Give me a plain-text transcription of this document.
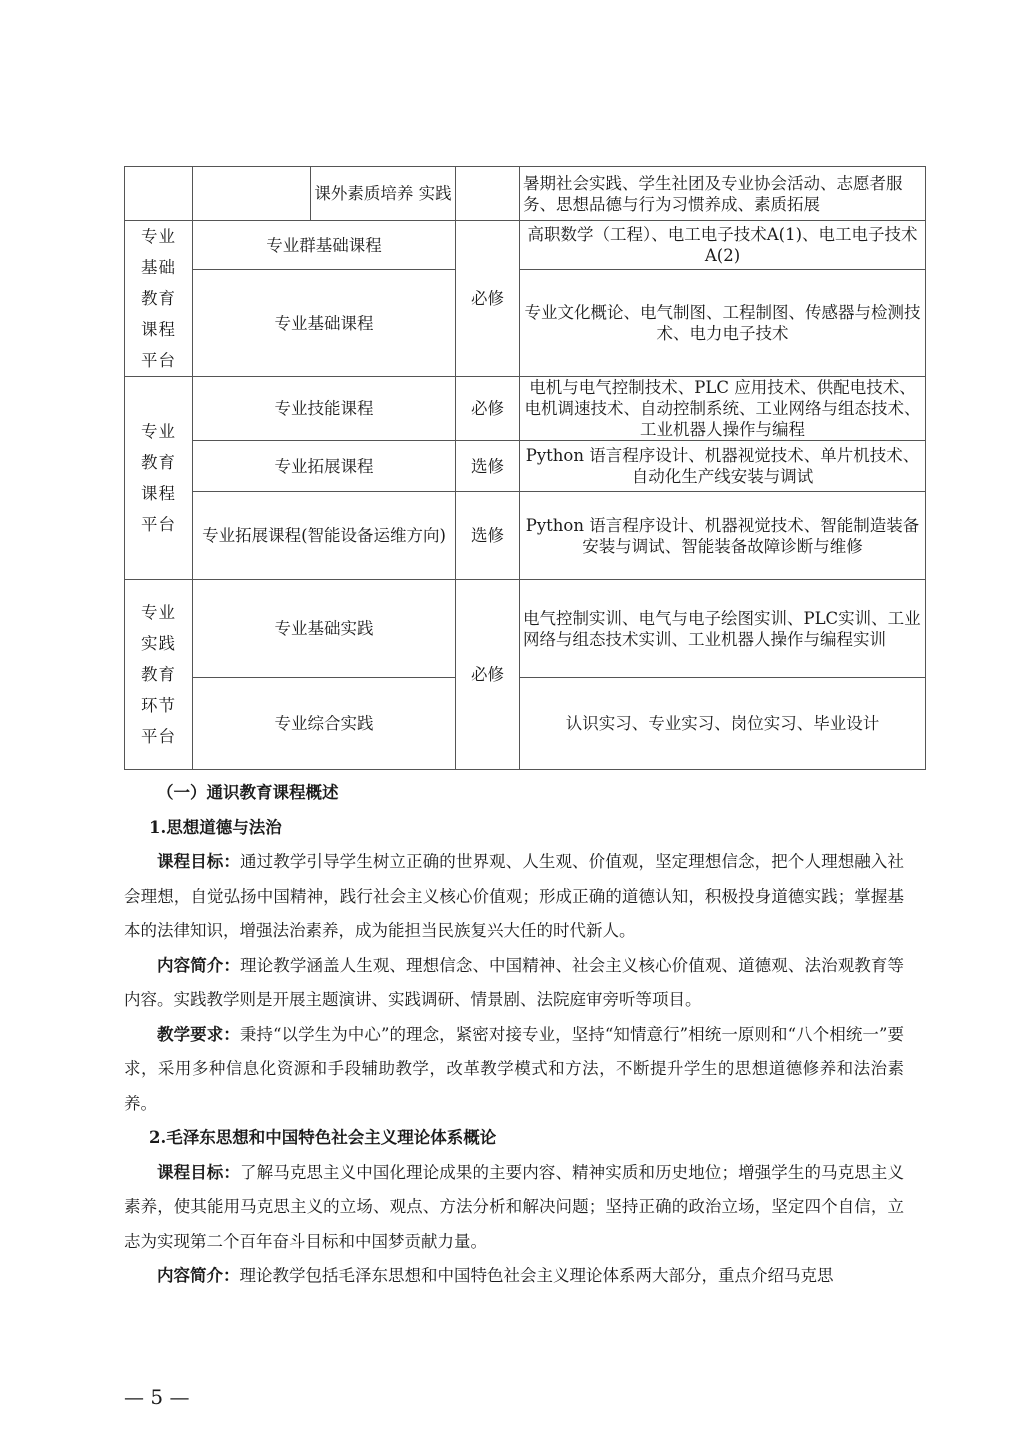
		课外素质培养 实践		暑期社会实践、学生社团及专业协会活动、志愿者服务、思想品德与行为习惯养成、素质拓展

专业
基础
教育
课程
平台	专业群基础课程		必修	高职数学（工程）、电工电子技术A(1)、电工电子技术A(2)
	专业基础课程			专业文化概论、电气制图、工程制图、传感器与检测技术、电力电子技术

专业
教育
课程
平台	专业技能课程		必修	电机与电气控制技术、PLC 应用技术、供配电技术、电机调速技术、自动控制系统、工业网络与组态技术、工业机器人操作与编程
	专业拓展课程		选修	Python 语言程序设计、机器视觉技术、单片机技术、自动化生产线安装与调试
	专业拓展课程(智能设备运维方向)		选修	Python 语言程序设计、机器视觉技术、智能制造装备安装与调试、智能装备故障诊断与维修

专业
实践
教育
环节
平台	专业基础实践		必修	电气控制实训、电气与电子绘图实训、PLC实训、工业网络与组态技术实训、工业机器人操作与编程实训
	专业综合实践			认识实习、专业实习、岗位实习、毕业设计

（一）通识教育课程概述

1.思想道德与法治

课程目标：通过教学引导学生树立正确的世界观、人生观、价值观，坚定理想信念，把个人理想融入社会理想，自觉弘扬中国精神，践行社会主义核心价值观；形成正确的道德认知，积极投身道德实践；掌握基本的法律知识，增强法治素养，成为能担当民族复兴大任的时代新人。

内容简介：理论教学涵盖人生观、理想信念、中国精神、社会主义核心价值观、道德观、法治观教育等内容。实践教学则是开展主题演讲、实践调研、情景剧、法院庭审旁听等项目。

教学要求：秉持“以学生为中心”的理念，紧密对接专业，坚持“知情意行”相统一原则和“八个相统一”要求，采用多种信息化资源和手段辅助教学，改革教学模式和方法，不断提升学生的思想道德修养和法治素养。

2.毛泽东思想和中国特色社会主义理论体系概论

课程目标：了解马克思主义中国化理论成果的主要内容、精神实质和历史地位；增强学生的马克思主义素养，使其能用马克思主义的立场、观点、方法分析和解决问题；坚持正确的政治立场，坚定四个自信，立志为实现第二个百年奋斗目标和中国梦贡献力量。

内容简介：理论教学包括毛泽东思想和中国特色社会主义理论体系两大部分，重点介绍马克思

— 5 —
